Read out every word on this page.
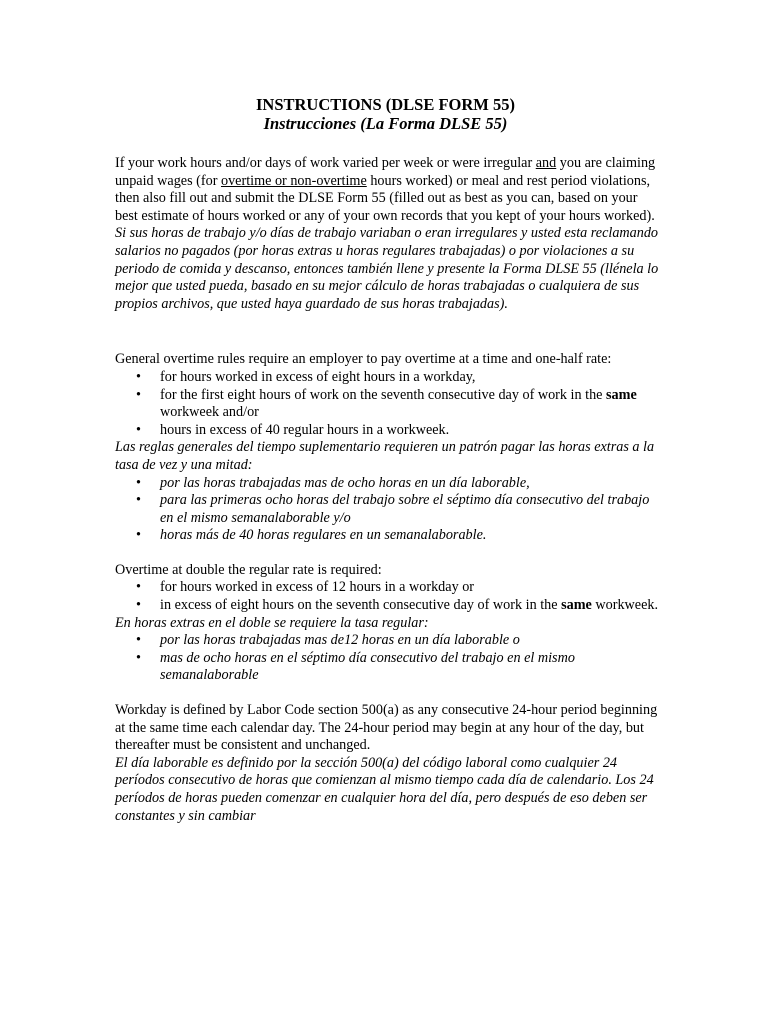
INSTRUCTIONS (DLSE FORM 55)
Instrucciones (La Forma DLSE 55)

If your work hours and/or days of work varied per week or were irregular and you are claiming unpaid wages (for overtime or non-overtime hours worked) or meal and rest period violations, then also fill out and submit the DLSE Form 55 (filled out as best as you can, based on your best estimate of hours worked or any of your own records that you kept of your hours worked). Si sus horas de trabajo y/o días de trabajo variaban o eran irregulares y usted esta reclamando salarios no pagados (por horas extras u horas regulares trabajadas) o por violaciones a su periodo de comida y descanso, entonces también llene y presente la Forma DLSE 55 (llénela lo mejor que usted pueda, basado en su mejor cálculo de horas trabajadas o cualquiera de sus propios archivos, que usted haya guardado de sus horas trabajadas).

General overtime rules require an employer to pay overtime at a time and one-half rate:

• for hours worked in excess of eight hours in a workday,
• for the first eight hours of work on the seventh consecutive day of work in the same workweek and/or
• hours in excess of 40 regular hours in a workweek.

Las reglas generales del tiempo suplementario requieren un patrón pagar las horas extras a la tasa de vez y una mitad:

• por las horas trabajadas mas de ocho horas en un día laborable,
• para las primeras ocho horas del trabajo sobre el séptimo día consecutivo del trabajo en el mismo semanalaborable y/o
• horas más de 40 horas regulares en un semanalaborable.

Overtime at double the regular rate is required:

• for hours worked in excess of 12 hours in a workday or
• in excess of eight hours on the seventh consecutive day of work in the same workweek.

En horas extras en el doble se requiere la tasa regular:

• por las horas trabajadas mas de12 horas en un día laborable o
• mas de ocho horas en el séptimo día consecutivo del trabajo en el mismo semanalaborable

Workday is defined by Labor Code section 500(a) as any consecutive 24-hour period beginning at the same time each calendar day. The 24-hour period may begin at any hour of the day, but thereafter must be consistent and unchanged.

El día laborable es definido por la sección 500(a) del código laboral como cualquier 24 períodos consecutivo de horas que comienzan al mismo tiempo cada día de calendario. Los 24 períodos de horas pueden comenzar en cualquier hora del día, pero después de eso deben ser constantes y sin cambiar
